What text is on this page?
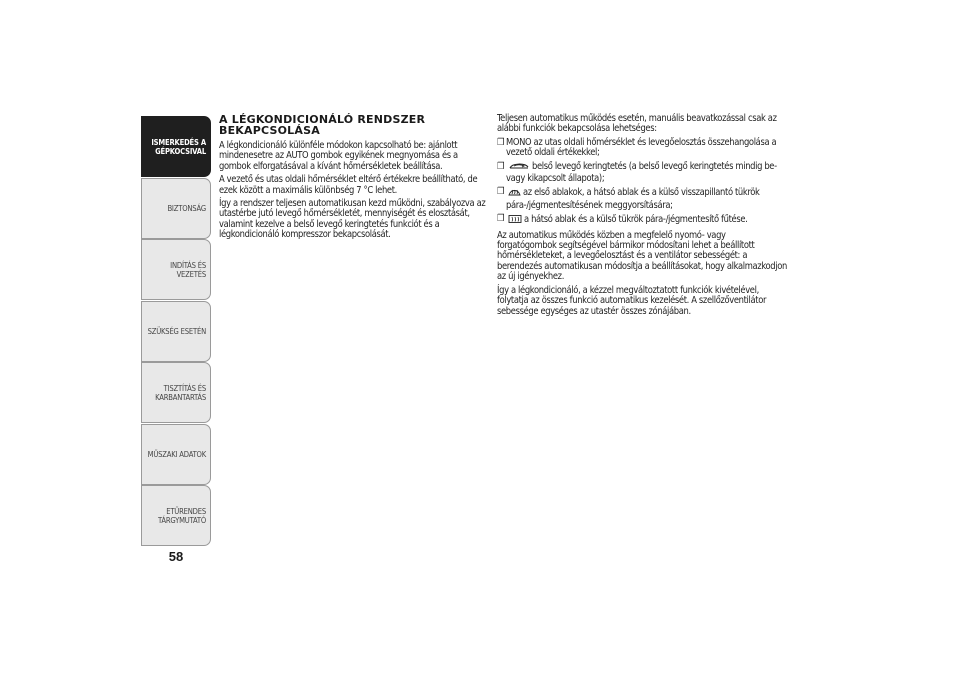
ISMERKEDÉS A GÉPKOCSIVAL
BIZTONSÁG
INDÍTÁS ÉS VEZETÉS
SZÜKSÉG ESETÉN
TISZTÍTÁS ÉS KARBANTARTÁS
MŰSZAKI ADATOK
ETŰRENDES TÁRGYMUTATÓ
58
A LÉGKONDICIONÁLÓ RENDSZER BEKAPCSOLÁSA

A légkondicionáló különféle módokon kapcsolható be: ajánlott mindenesetre az AUTO gombok egyikének megnyomása és a gombok elforgatásával a kívánt hőmérsékletek beállítása.

A vezető és utas oldali hőmérséklet eltérő értékekre beállítható, de ezek között a maximális különbség 7 °C lehet.

Így a rendszer teljesen automatikusan kezd működni, szabályozva az utastérbe jutó levegő hőmérsékletét, mennyiségét és elosztását, valamint kezelve a belső levegő keringtetés funkciót és a légkondicionáló kompresszor bekapcsolását.

Teljesen automatikus működés esetén, manuális beavatkozással csak az alábbi funkciók bekapcsolása lehetséges:

❒ MONO az utas oldali hőmérséklet és levegőelosztás összehangolása a vezető oldali értékekkel;
❒	belső levegő keringtetés (a belső levegő keringtetés mindig be- vagy kikapcsolt állapota);
❒	az első ablakok, a hátsó ablak és a külső visszapillantó tükrök pára-/jégmentesítésének meggyorsítására;
❒	a hátsó ablak és a külső tükrök pára-/jégmentesítő fűtése.

Az automatikus működés közben a megfelelő nyomó- vagy forgatógombok segítségével bármikor módosítani lehet a beállított hőmérsékleteket, a levegőelosztást és a ventilátor sebességét: a berendezés automatikusan módosítja a beállításokat, hogy alkalmazkodjon az új igényekhez.

Így a légkondicionáló, a kézzel megváltoztatott funkciók kivételével, folytatja az összes funkció automatikus kezelését. A szellőzőventilátor sebessége egységes az utastér összes zónájában.
